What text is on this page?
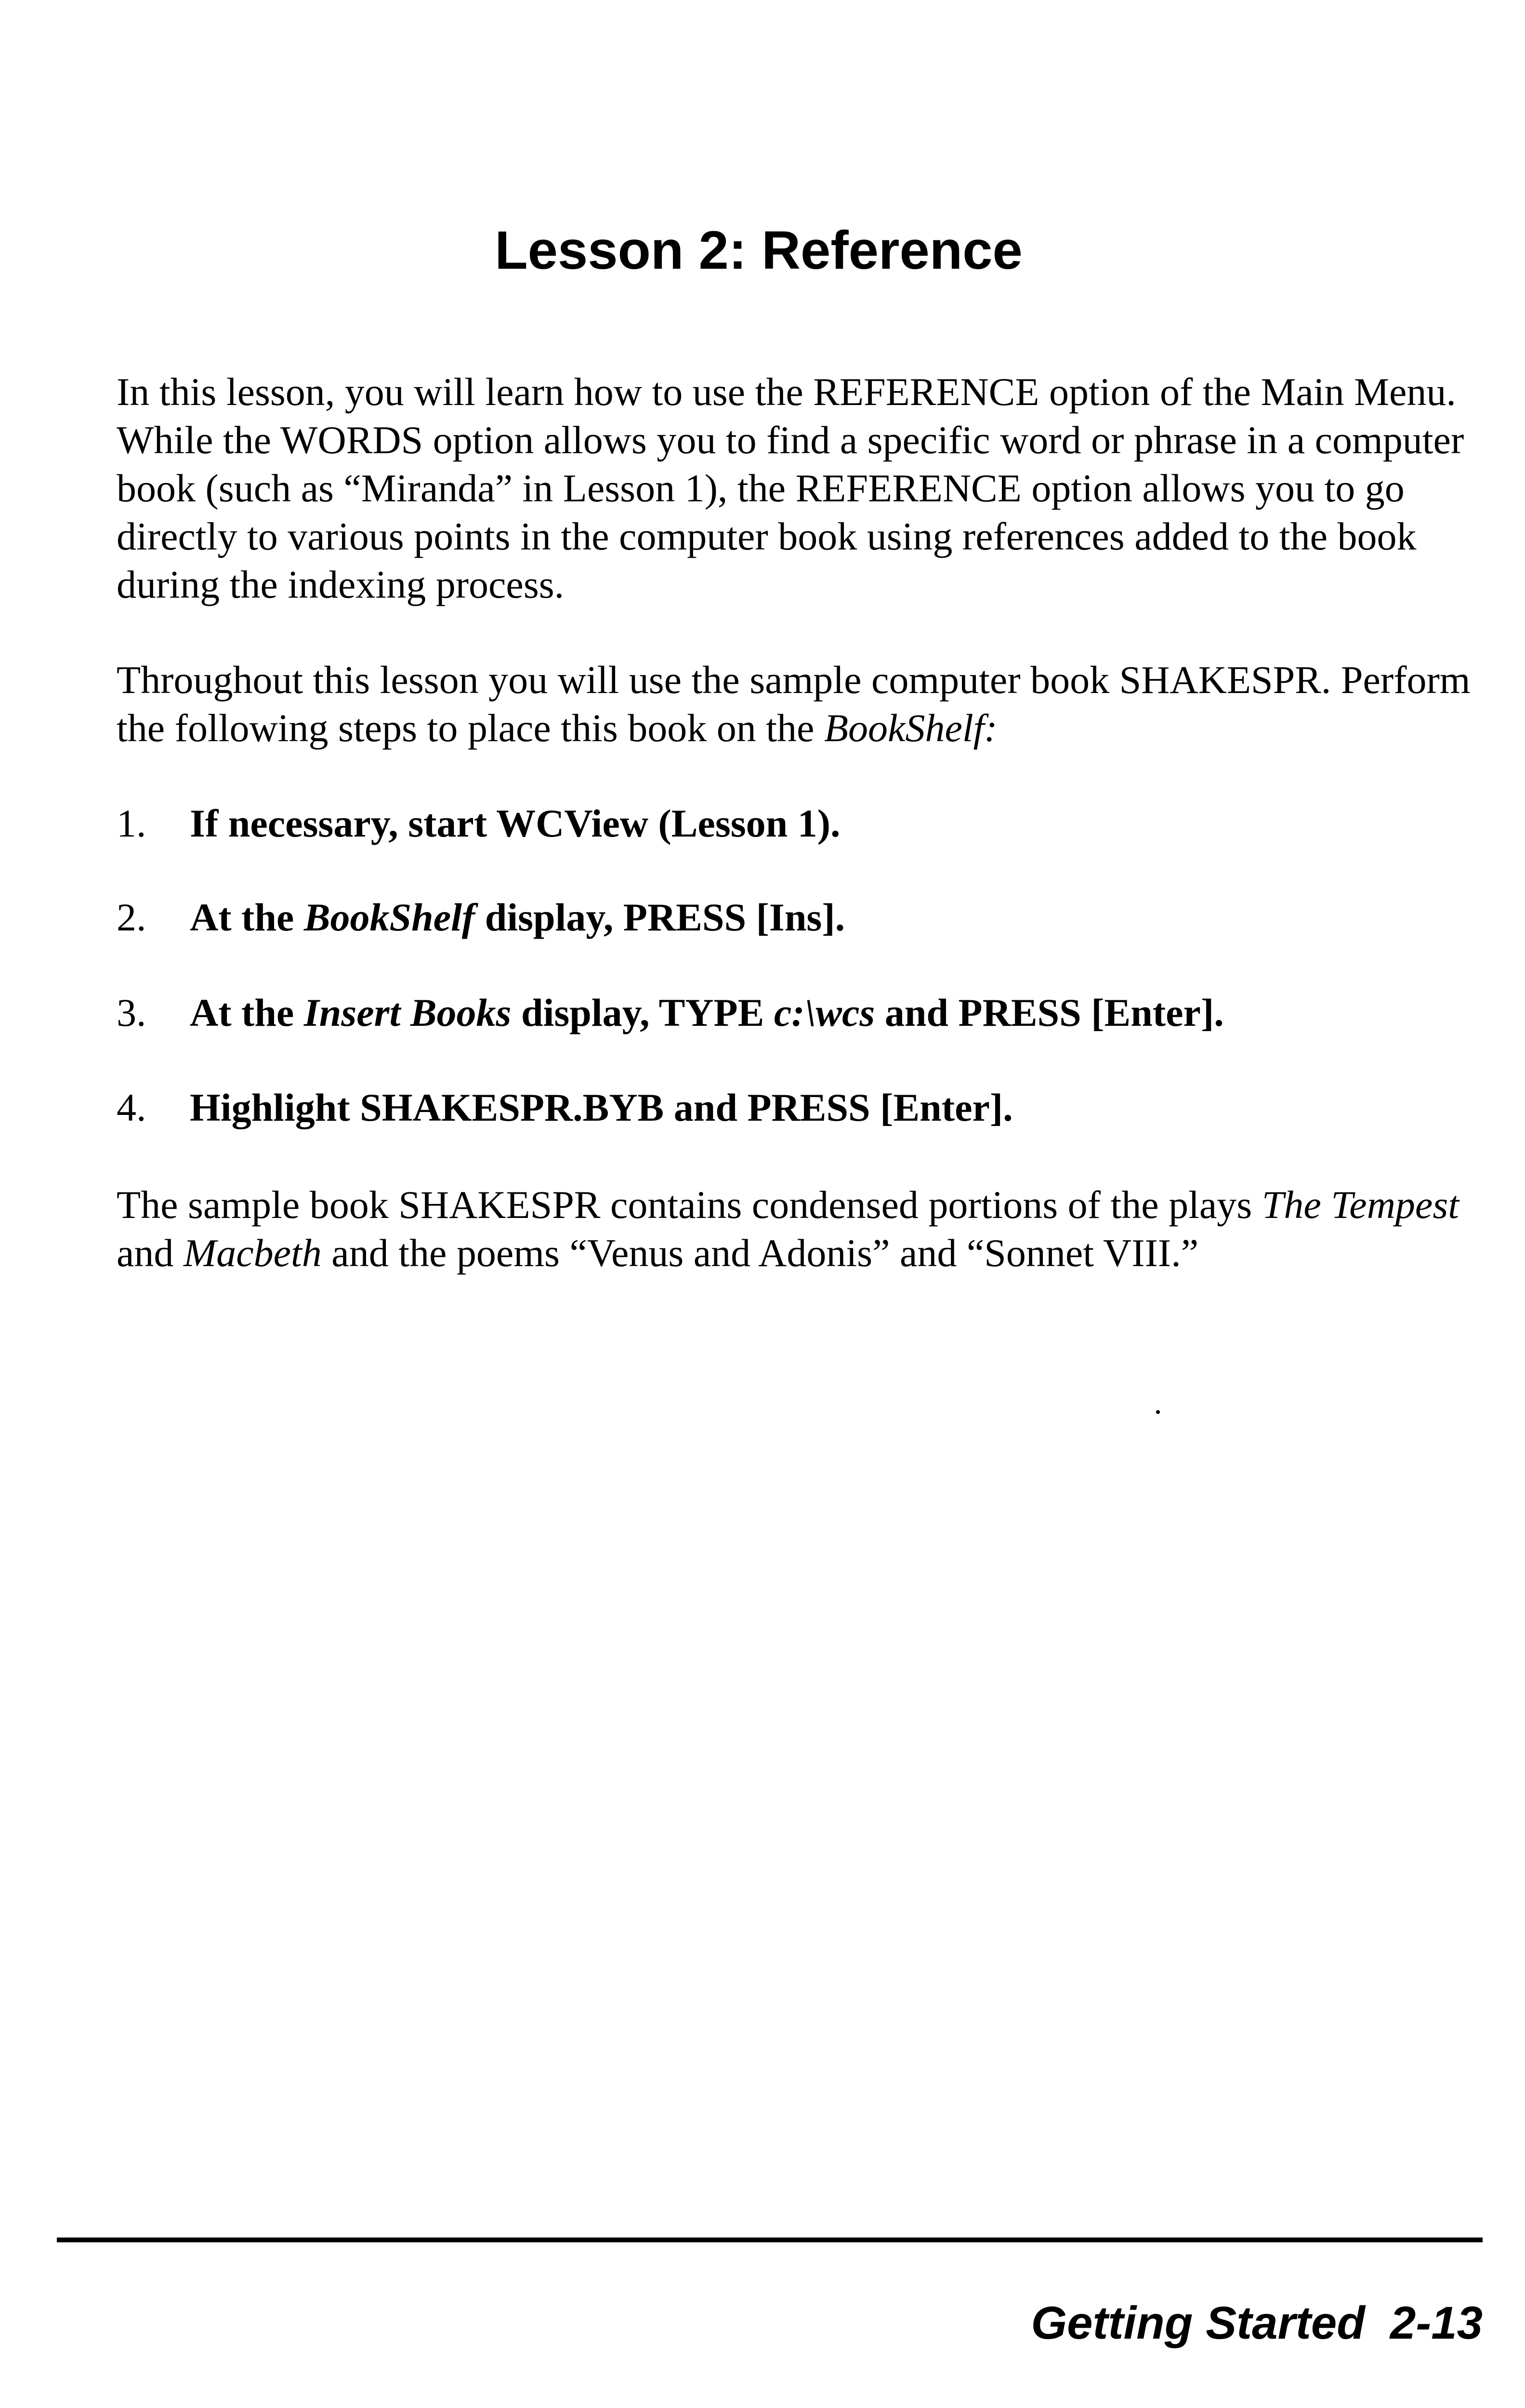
Lesson 2: Reference

In this lesson, you will learn how to use the REFERENCE option of the Main Menu. While the WORDS option allows you to find a specific word or phrase in a computer book (such as “Miranda” in Lesson 1), the REFERENCE option allows you to go directly to various points in the computer book using references added to the book during the indexing process.

Throughout this lesson you will use the sample computer book SHAKESPR. Perform the following steps to place this book on the BookShelf:

1. If necessary, start WCView (Lesson 1).

2. At the BookShelf display, PRESS [Ins].

3. At the Insert Books display, TYPE c:\wcs and PRESS [Enter].

4. Highlight SHAKESPR.BYB and PRESS [Enter].

The sample book SHAKESPR contains condensed portions of the plays The Tempest and Macbeth and the poems “Venus and Adonis” and “Sonnet VIII.”

Getting Started 2-13
